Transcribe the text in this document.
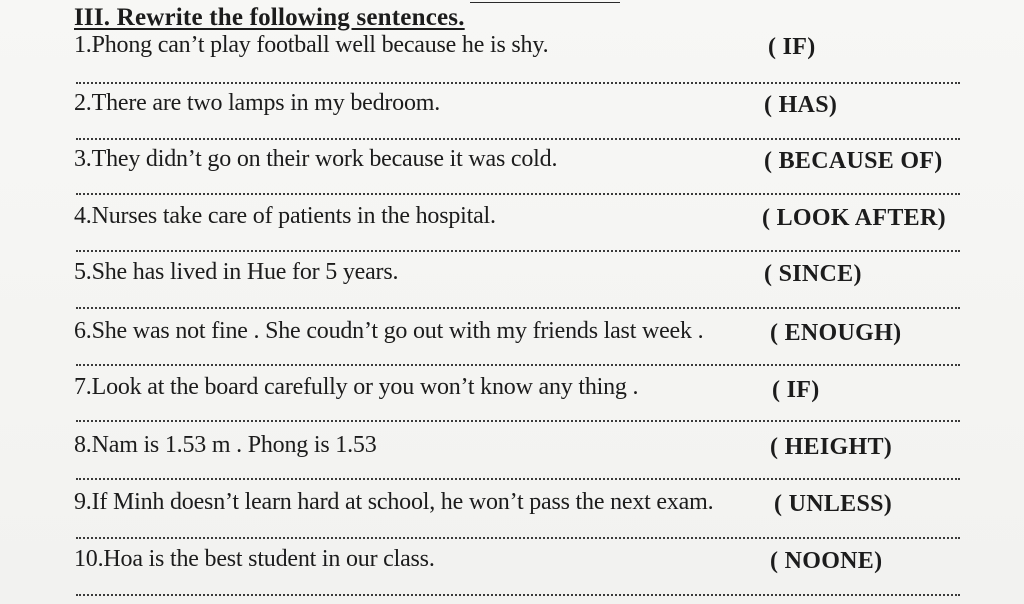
III. Rewrite the following sentences.
1.Phong can’t play football well because he is shy.	( IF)
2.There are two lamps in my bedroom.	( HAS)
3.They didn’t go on their work because it was cold.	( BECAUSE OF)
4.Nurses take care of patients in the hospital.	( LOOK AFTER)
5.She has lived in Hue for 5 years.	( SINCE)
6.She was not fine . She coudn’t go out with my friends last week .	( ENOUGH)
7.Look at the board carefully or you won’t know any thing .	( IF)
8.Nam is 1.53 m . Phong is 1.53	( HEIGHT)
9.If Minh doesn’t learn hard at school, he won’t pass the next exam.	( UNLESS)
10.Hoa is the best student in our class.	( NOONE)
